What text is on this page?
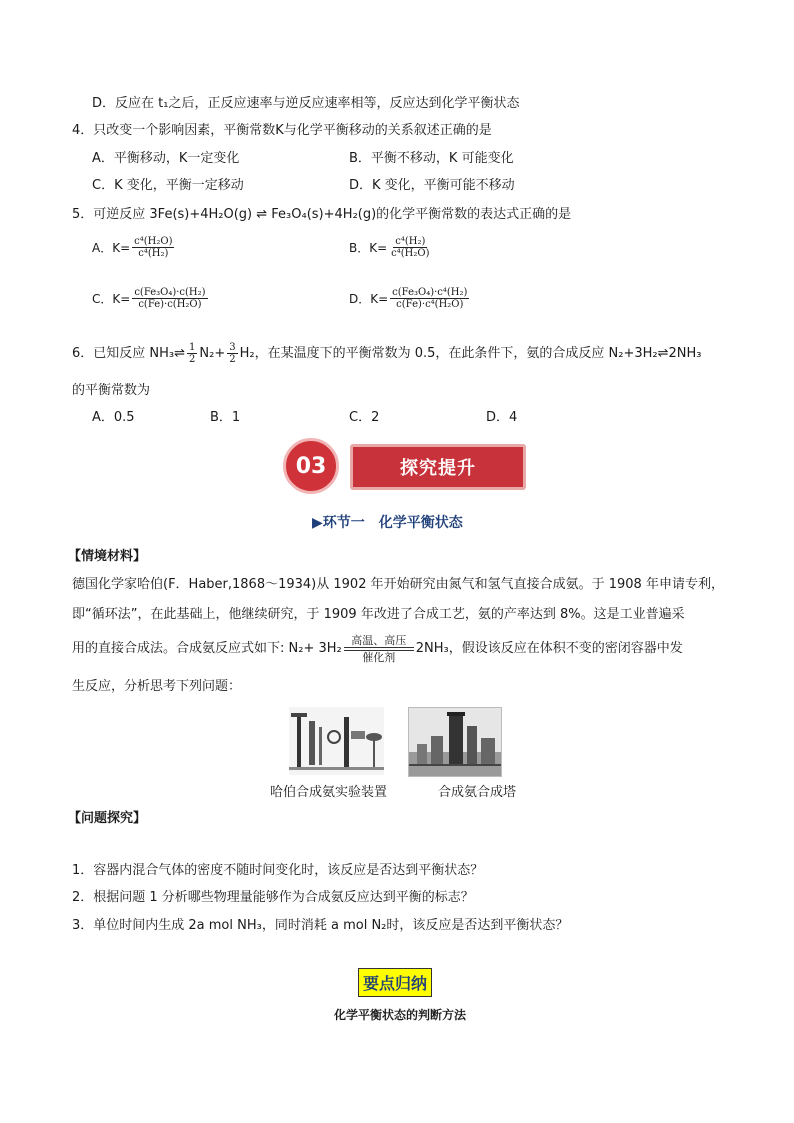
D．反应在 t₁之后，正反应速率与逆反应速率相等，反应达到化学平衡状态
4．只改变一个影响因素，平衡常数K与化学平衡移动的关系叙述正确的是
A．平衡移动，K一定变化	B．平衡不移动，K 可能变化
C．K 变化，平衡一定移动	D．K 变化，平衡可能不移动
5．可逆反应 3Fe(s)+4H₂O(g) ⇌ Fe₃O₄(s)+4H₂(g)的化学平衡常数的表达式正确的是
A．$K= \frac{\text{c⁴(H₂O)}}{\text{c⁴(H₂)}}$	B．$K= \frac{\text{c⁴(H₂)}}{\text{c⁴(H₂O)}}$
C．$K= \frac{\text{c(Fe₃O₄)·c(H₂)}}{\text{c(Fe)·c(H₂O)}}$	D．$K= \frac{\text{c(Fe₃O₄)·c⁴(H₂)}}{\text{c(Fe)·c⁴(H₂O)}}$
6．已知反应 NH₃⇌ $\frac{1}{2} N_2+ \frac{3}{2} H_2$，在某温度下的平衡常数为 0.5，在此条件下，氨的合成反应 N₂+3H₂⇌2NH₃
的平衡常数为
A．0.5	B．1	C．2	D．4
探究提升
03
▶环节一　化学平衡状态
【情境材料】
德国化学家哈伯(F．Haber,1868～1934)从 1902 年开始研究由氮气和氢气直接合成氨。于 1908 年申请专利，
即“循环法”，在此基础上，他继续研究，于 1909 年改进了合成工艺，氨的产率达到 8%。这是工业普遍采
用的直接合成法。合成氨反应式如下: N₂+ 3H₂
高温、高压
催化剂
2NH₃，假设该反应在体积不变的密闭容器中发
生反应，分析思考下列问题：
哈伯合成氨实验装置	合成氨合成塔
【问题探究】
1．容器内混合气体的密度不随时间变化时，该反应是否达到平衡状态？
2．根据问题 1 分析哪些物理量能够作为合成氨反应达到平衡的标志？
3．单位时间内生成 2a mol NH₃，同时消耗 a mol N₂时，该反应是否达到平衡状态？
要点归纳
化学平衡状态的判断方法
